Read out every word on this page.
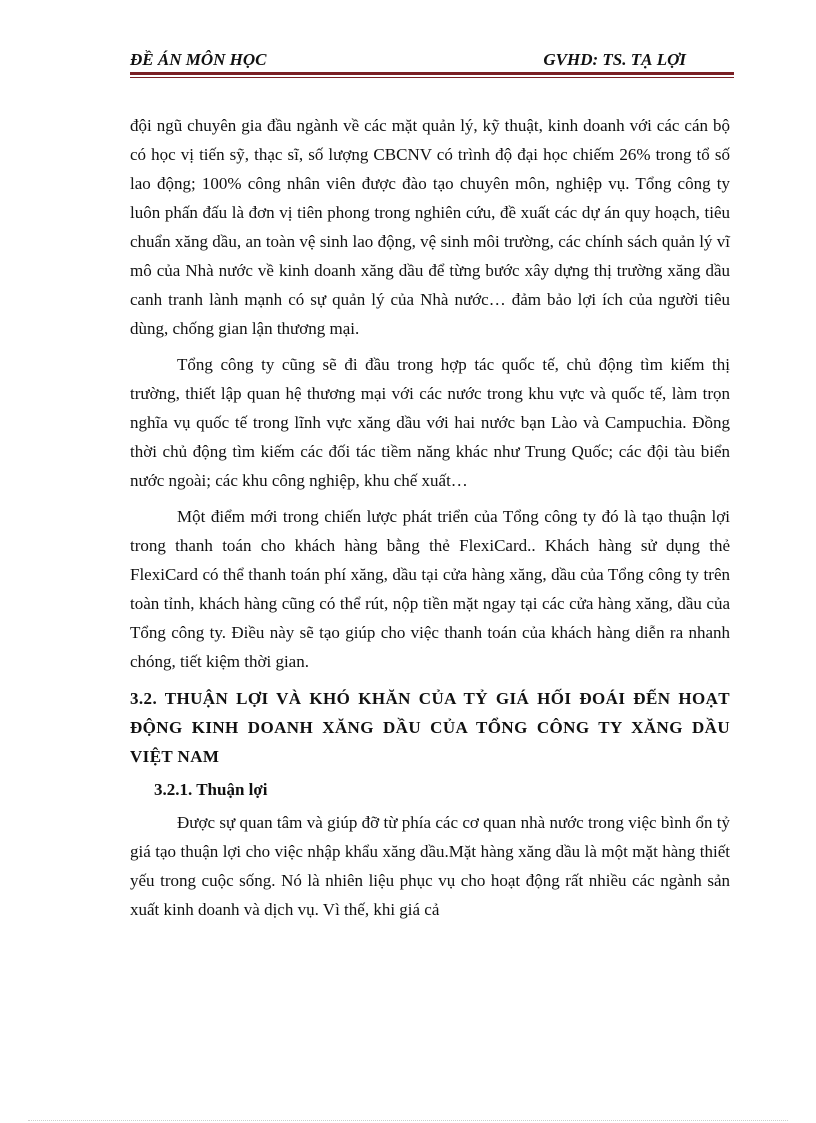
ĐỀ ÁN MÔN HỌC	GVHD: TS. TẠ LỢI

đội ngũ chuyên gia đầu ngành về các mặt quản lý, kỹ thuật, kinh doanh với các cán bộ có học vị tiến sỹ, thạc sĩ, số lượng CBCNV có trình độ đại học chiếm 26% trong tổ số lao động; 100% công nhân viên được đào tạo chuyên môn, nghiệp vụ. Tổng công ty luôn phấn đấu là đơn vị tiên phong trong nghiên cứu, đề xuất các dự án quy hoạch, tiêu chuẩn xăng dầu, an toàn vệ sinh lao động, vệ sinh môi trường, các chính sách quản lý vĩ mô của Nhà nước về kinh doanh xăng dầu để từng bước xây dựng thị trường xăng dầu canh tranh lành mạnh có sự quản lý của Nhà nước… đảm bảo lợi ích của người tiêu dùng, chống gian lận thương mại.

Tổng công ty cũng sẽ đi đầu trong hợp tác quốc tế, chủ động tìm kiếm thị trường, thiết lập quan hệ thương mại với các nước trong khu vực và quốc tế, làm trọn nghĩa vụ quốc tế trong lĩnh vực xăng dầu với hai nước bạn Lào và Campuchia. Đồng thời chủ động tìm kiếm các đối tác tiềm năng khác như Trung Quốc; các đội tàu biển nước ngoài; các khu công nghiệp, khu chế xuất…

Một điểm mới trong chiến lược phát triển của Tổng công ty đó là tạo thuận lợi trong thanh toán cho khách hàng bằng thẻ FlexiCard.. Khách hàng sử dụng thẻ FlexiCard có thể thanh toán phí xăng, dầu tại cửa hàng xăng, dầu của Tổng công ty trên toàn tỉnh, khách hàng cũng có thể rút, nộp tiền mặt ngay tại các cửa hàng xăng, dầu của Tổng công ty. Điều này sẽ tạo giúp cho việc thanh toán của khách hàng diễn ra nhanh chóng, tiết kiệm thời gian.

3.2. THUẬN LỢI VÀ KHÓ KHĂN CỦA TỶ GIÁ HỐI ĐOÁI ĐẾN HOẠT ĐỘNG KINH DOANH XĂNG DẦU CỦA TỔNG CÔNG TY XĂNG DẦU VIỆT NAM
3.2.1. Thuận lợi

Được sự quan tâm và giúp đỡ từ phía các cơ quan nhà nước trong việc bình ổn tỷ giá tạo thuận lợi cho việc nhập khẩu xăng dầu.Mặt hàng xăng dầu là một mặt hàng thiết yếu trong cuộc sống. Nó là nhiên liệu phục vụ cho hoạt động rất nhiều các ngành sản xuất kinh doanh và dịch vụ. Vì thế, khi giá cả
